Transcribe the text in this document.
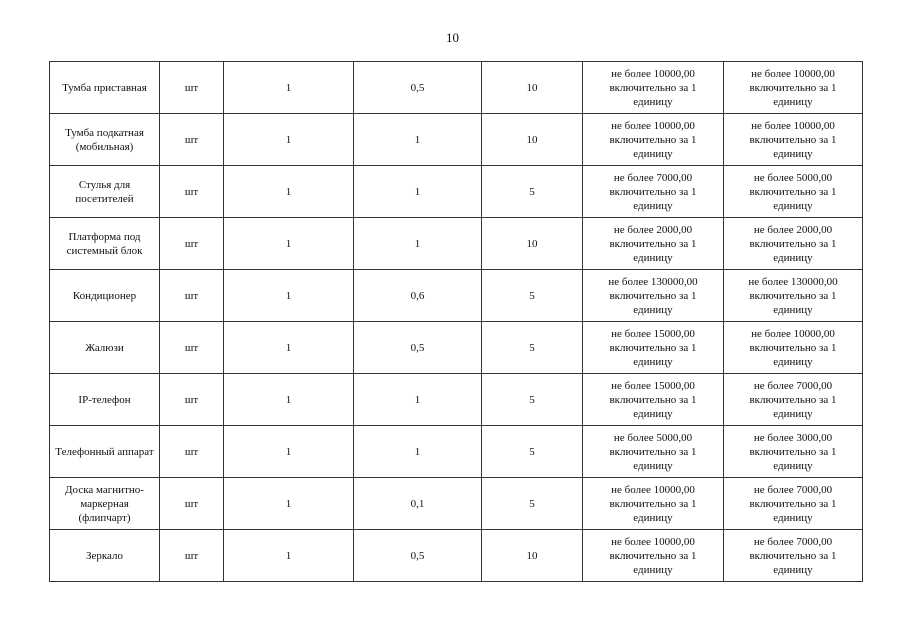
10
Тумба приставная	шт	1	0,5	10	не более 10000,00
включительно за 1
единицу	не более 10000,00
включительно за 1
единицу

Тумба подкатная (мобильная)	шт	1	1	10	не более 10000,00
включительно за 1
единицу	не более 10000,00
включительно за 1
единицу

Стулья для посетителей	шт	1	1	5	не более 7000,00
включительно за 1
единицу	не более 5000,00
включительно за 1
единицу

Платформа под системный блок	шт	1	1	10	не более 2000,00
включительно за 1
единицу	не более 2000,00
включительно за 1
единицу

Кондиционер	шт	1	0,6	5	не более 130000,00
включительно за 1
единицу	не более 130000,00
включительно за 1
единицу

Жалюзи	шт	1	0,5	5	не более 15000,00
включительно за 1
единицу	не более 10000,00
включительно за 1
единицу

IP-телефон	шт	1	1	5	не более 15000,00
включительно за 1
единицу	не более 7000,00
включительно за 1
единицу

Телефонный аппарат	шт	1	1	5	не более 5000,00
включительно за 1
единицу	не более 3000,00
включительно за 1
единицу

Доска магнитно-маркерная (флипчарт)	шт	1	0,1	5	не более 10000,00
включительно за 1
единицу	не более 7000,00
включительно за 1
единицу

Зеркало	шт	1	0,5	10	не более 10000,00
включительно за 1
единицу	не более 7000,00
включительно за 1
единицу
